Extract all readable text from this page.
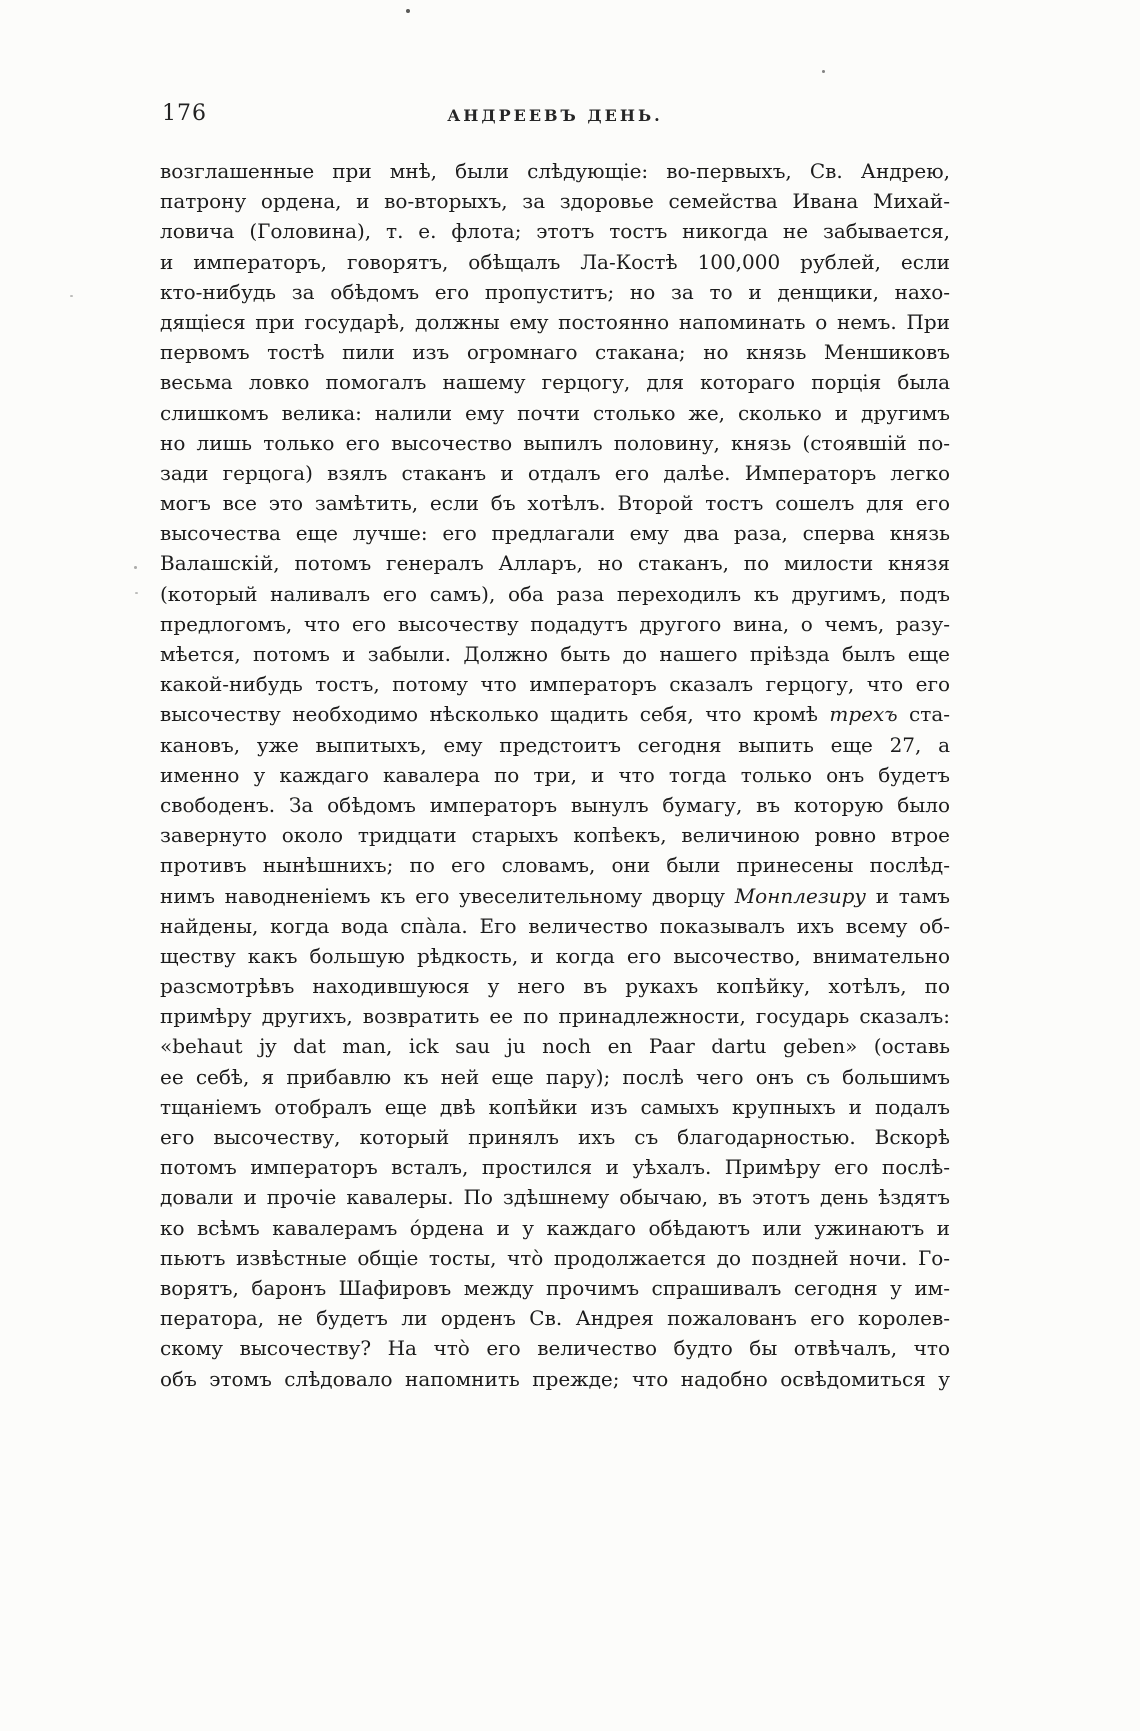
176	АНДРЕЕВЪ ДЕНЬ.
возглашенные при мнѣ, были слѣдующіе: во-первыхъ, Св. Андрею,
патрону ордена, и во-вторыхъ, за здоровье семейства Ивана Михай-
ловича (Головина), т. е. флота; этотъ тостъ никогда не забывается,
и императоръ, говорятъ, обѣщалъ Ла-Костѣ 100,000 рублей, если
кто-нибудь за обѣдомъ его пропуститъ; но за то и денщики, нахо-
дящіеся при государѣ, должны ему постоянно напоминать о немъ. При
первомъ тостѣ пили изъ огромнаго стакана; но князь Меншиковъ
весьма ловко помогалъ нашему герцогу, для котораго порція была
слишкомъ велика: налили ему почти столько же, сколько и другимъ
но лишь только его высочество выпилъ половину, князь (стоявшій по-
зади герцога) взялъ стаканъ и отдалъ его далѣе. Императоръ легко
могъ все это замѣтить, если бъ хотѣлъ. Второй тостъ сошелъ для его
высочества еще лучше: его предлагали ему два раза, сперва князь
Валашскій, потомъ генералъ Алларъ, но стаканъ, по милости князя
(который наливалъ его самъ), оба раза переходилъ къ другимъ, подъ
предлогомъ, что его высочеству подадутъ другого вина, о чемъ, разу-
мѣется, потомъ и забыли. Должно быть до нашего пріѣзда былъ еще
какой-нибудь тостъ, потому что императоръ сказалъ герцогу, что его
высочеству необходимо нѣсколько щадить себя, что кромѣ трехъ ста-
кановъ, уже выпитыхъ, ему предстоитъ сегодня выпить еще 27, а
именно у каждаго кавалера по три, и что тогда только онъ будетъ
свободенъ. За обѣдомъ императоръ вынулъ бумагу, въ которую было
завернуто около тридцати старыхъ копѣекъ, величиною ровно втрое
противъ нынѣшнихъ; по его словамъ, они были принесены послѣд-
нимъ наводненіемъ къ его увеселительному дворцу Монплезиру и тамъ
найдены, когда вода спа̀ла. Его величество показывалъ ихъ всему об-
ществу какъ большую рѣдкость, и когда его высочество, внимательно
разсмотрѣвъ находившуюся у него въ рукахъ копѣйку, хотѣлъ, по
примѣру другихъ, возвратить ее по принадлежности, государь сказалъ:
«behaut jy dat man, ick sau ju noch en Paar dartu geben» (оставь
ее себѣ, я прибавлю къ ней еще пару); послѣ чего онъ съ большимъ
тщаніемъ отобралъ еще двѣ копѣйки изъ самыхъ крупныхъ и подалъ
его высочеству, который принялъ ихъ съ благодарностью. Вскорѣ
потомъ императоръ всталъ, простился и уѣхалъ. Примѣру его послѣ-
довали и прочіе кавалеры. По здѣшнему обычаю, въ этотъ день ѣздятъ
ко всѣмъ кавалерамъ о́рдена и у каждаго обѣдаютъ или ужинаютъ и
пьютъ извѣстные общіе тосты, что̀ продолжается до поздней ночи. Го-
ворятъ, баронъ Шафировъ между прочимъ спрашивалъ сегодня у им-
ператора, не будетъ ли орденъ Св. Андрея пожалованъ его королев-
скому высочеству? На что̀ его величество будто бы отвѣчалъ, что
объ этомъ слѣдовало напомнить прежде; что надобно освѣдомиться у
